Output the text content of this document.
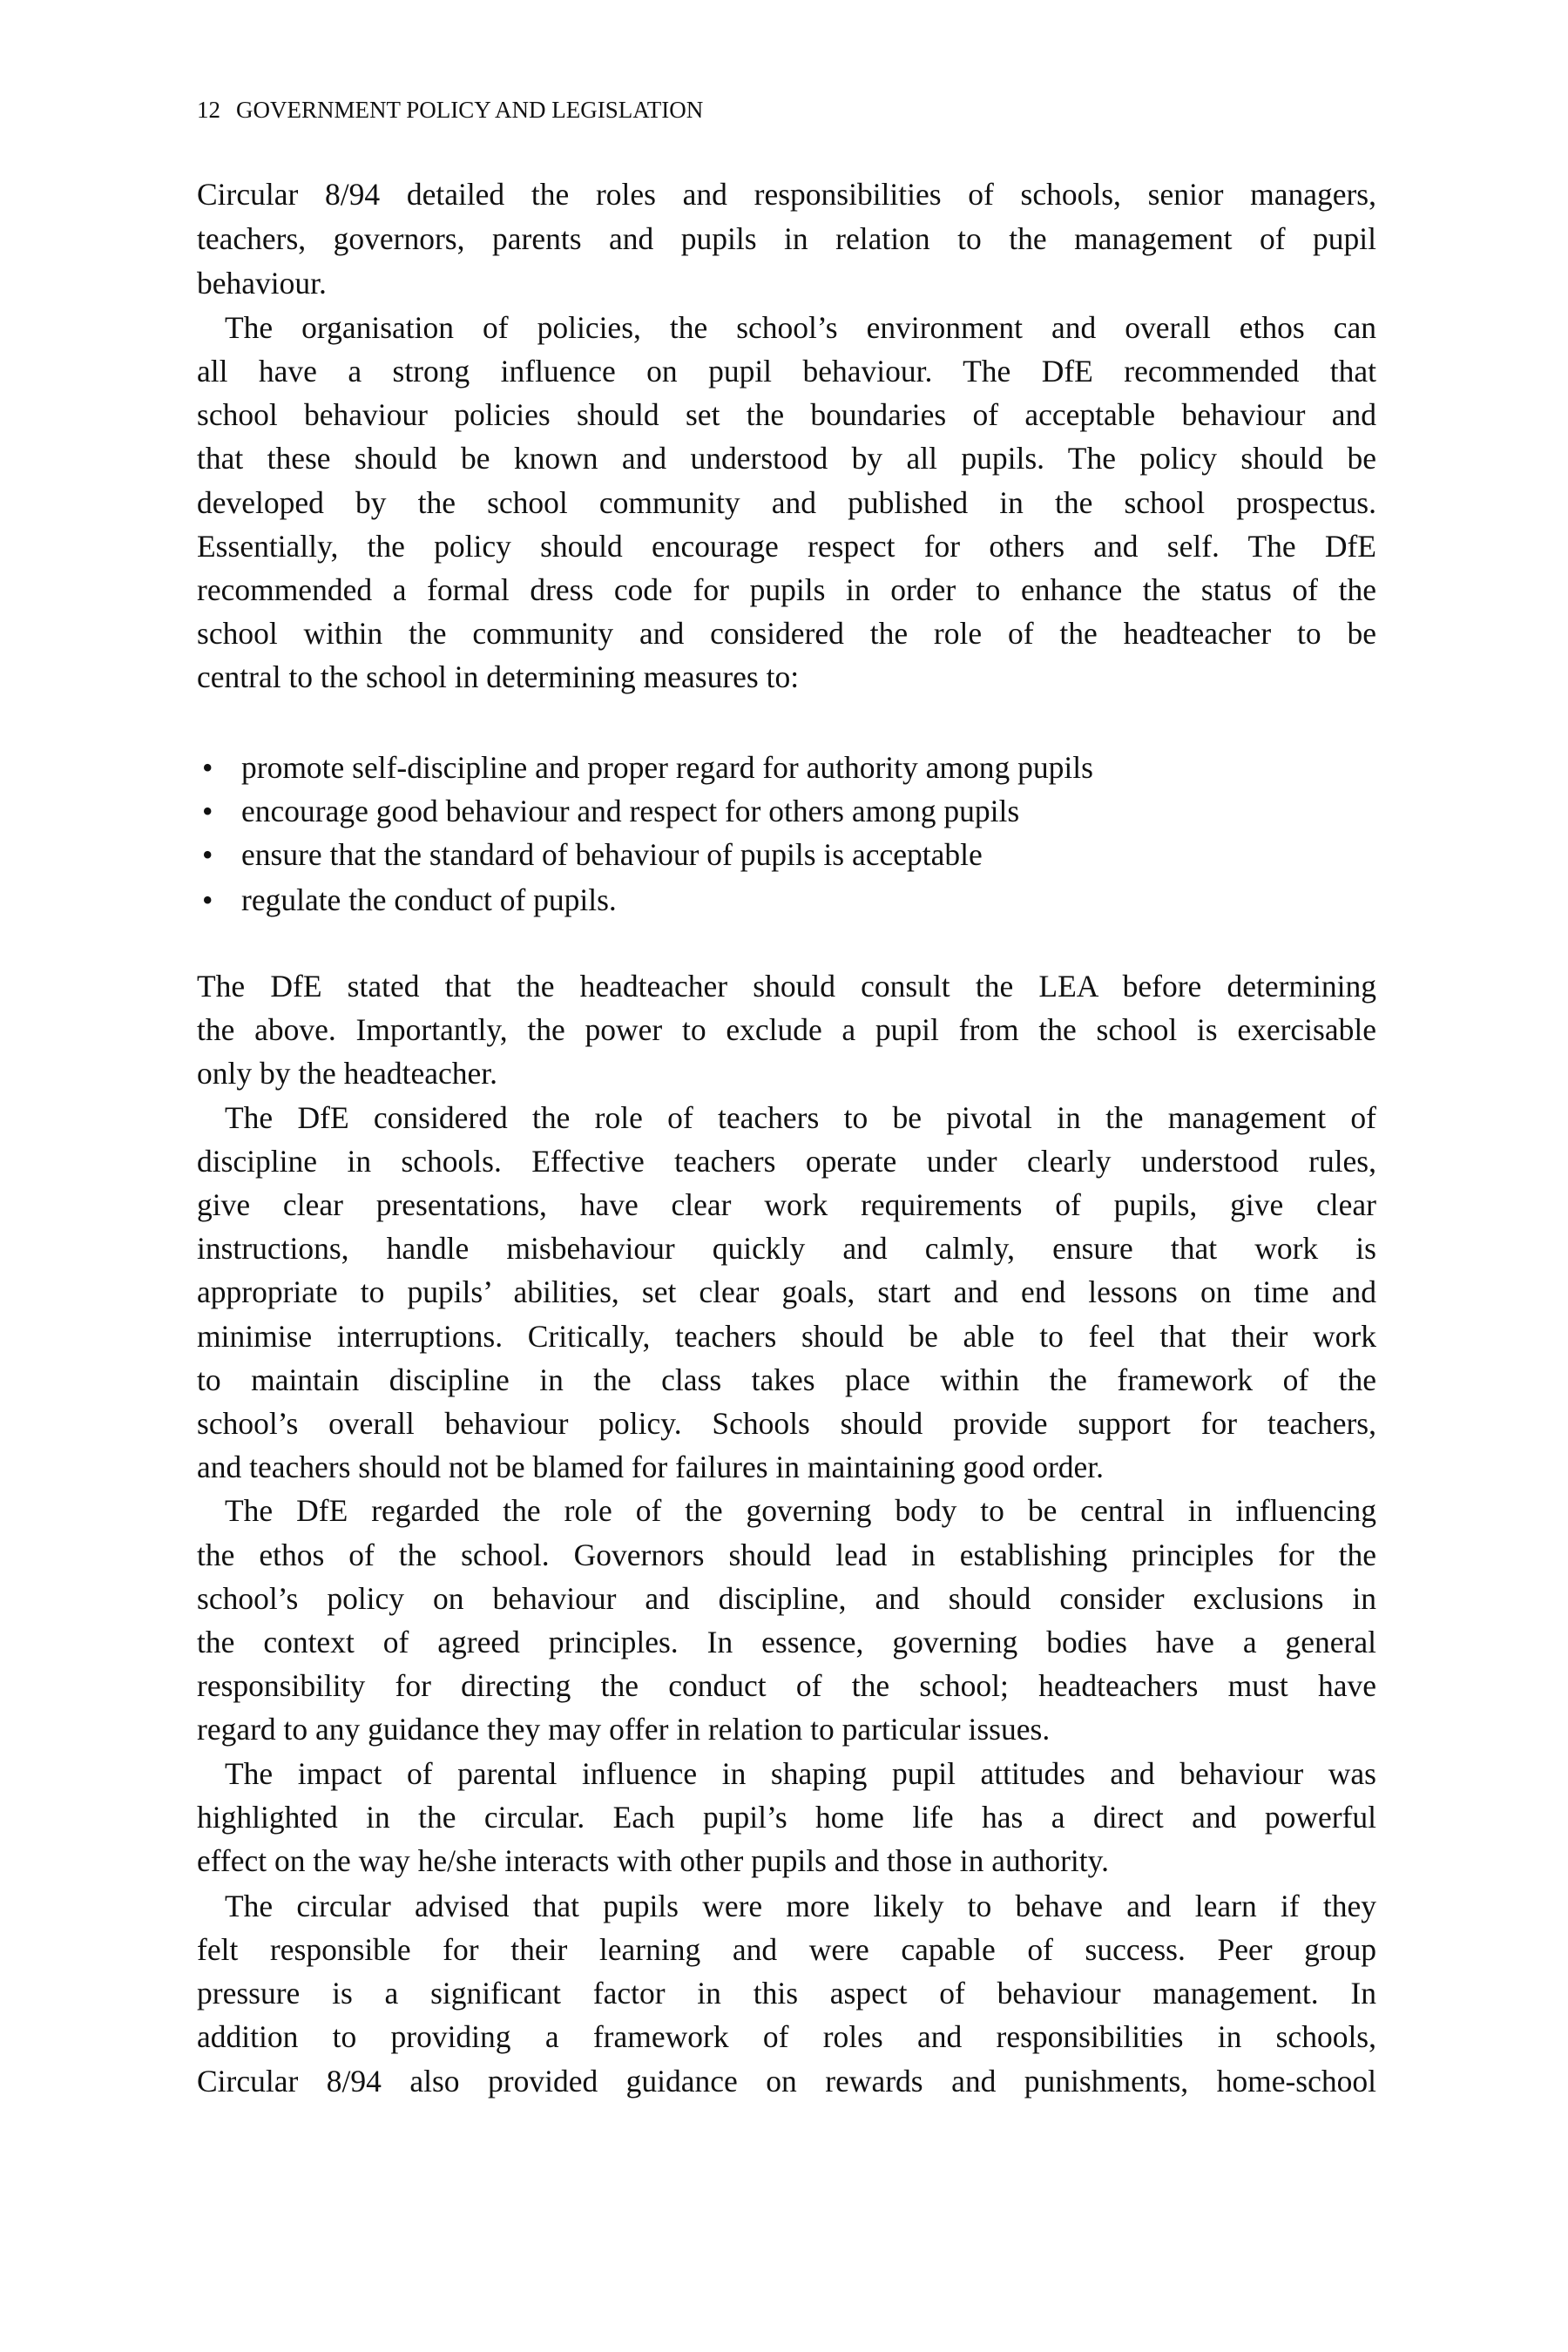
12 GOVERNMENT POLICY AND LEGISLATION
Circular 8/94 detailed the roles and responsibilities of schools, senior managers,
teachers, governors, parents and pupils in relation to the management of pupil
behaviour.
The organisation of policies, the school’s environment and overall ethos can
all have a strong influence on pupil behaviour. The DfE recommended that
school behaviour policies should set the boundaries of acceptable behaviour and
that these should be known and understood by all pupils. The policy should be
developed by the school community and published in the school prospectus.
Essentially, the policy should encourage respect for others and self. The DfE
recommended a formal dress code for pupils in order to enhance the status of the
school within the community and considered the role of the headteacher to be
central to the school in determining measures to:
The DfE stated that the headteacher should consult the LEA before determining
the above. Importantly, the power to exclude a pupil from the school is exercisable
only by the headteacher.
The DfE considered the role of teachers to be pivotal in the management of
discipline in schools. Effective teachers operate under clearly understood rules,
give clear presentations, have clear work requirements of pupils, give clear
instructions, handle misbehaviour quickly and calmly, ensure that work is
appropriate to pupils’ abilities, set clear goals, start and end lessons on time and
minimise interruptions. Critically, teachers should be able to feel that their work
to maintain discipline in the class takes place within the framework of the
school’s overall behaviour policy. Schools should provide support for teachers,
and teachers should not be blamed for failures in maintaining good order.
The DfE regarded the role of the governing body to be central in influencing
the ethos of the school. Governors should lead in establishing principles for the
school’s policy on behaviour and discipline, and should consider exclusions in
the context of agreed principles. In essence, governing bodies have a general
responsibility for directing the conduct of the school; headteachers must have
regard to any guidance they may offer in relation to particular issues.
The impact of parental influence in shaping pupil attitudes and behaviour was
highlighted in the circular. Each pupil’s home life has a direct and powerful
effect on the way he/she interacts with other pupils and those in authority.
The circular advised that pupils were more likely to behave and learn if they
felt responsible for their learning and were capable of success. Peer group
pressure is a significant factor in this aspect of behaviour management. In
addition to providing a framework of roles and responsibilities in schools,
Circular 8/94 also provided guidance on rewards and punishments, home-school
• promote self-discipline and proper regard for authority among pupils
• encourage good behaviour and respect for others among pupils
• ensure that the standard of behaviour of pupils is acceptable
• regulate the conduct of pupils.
